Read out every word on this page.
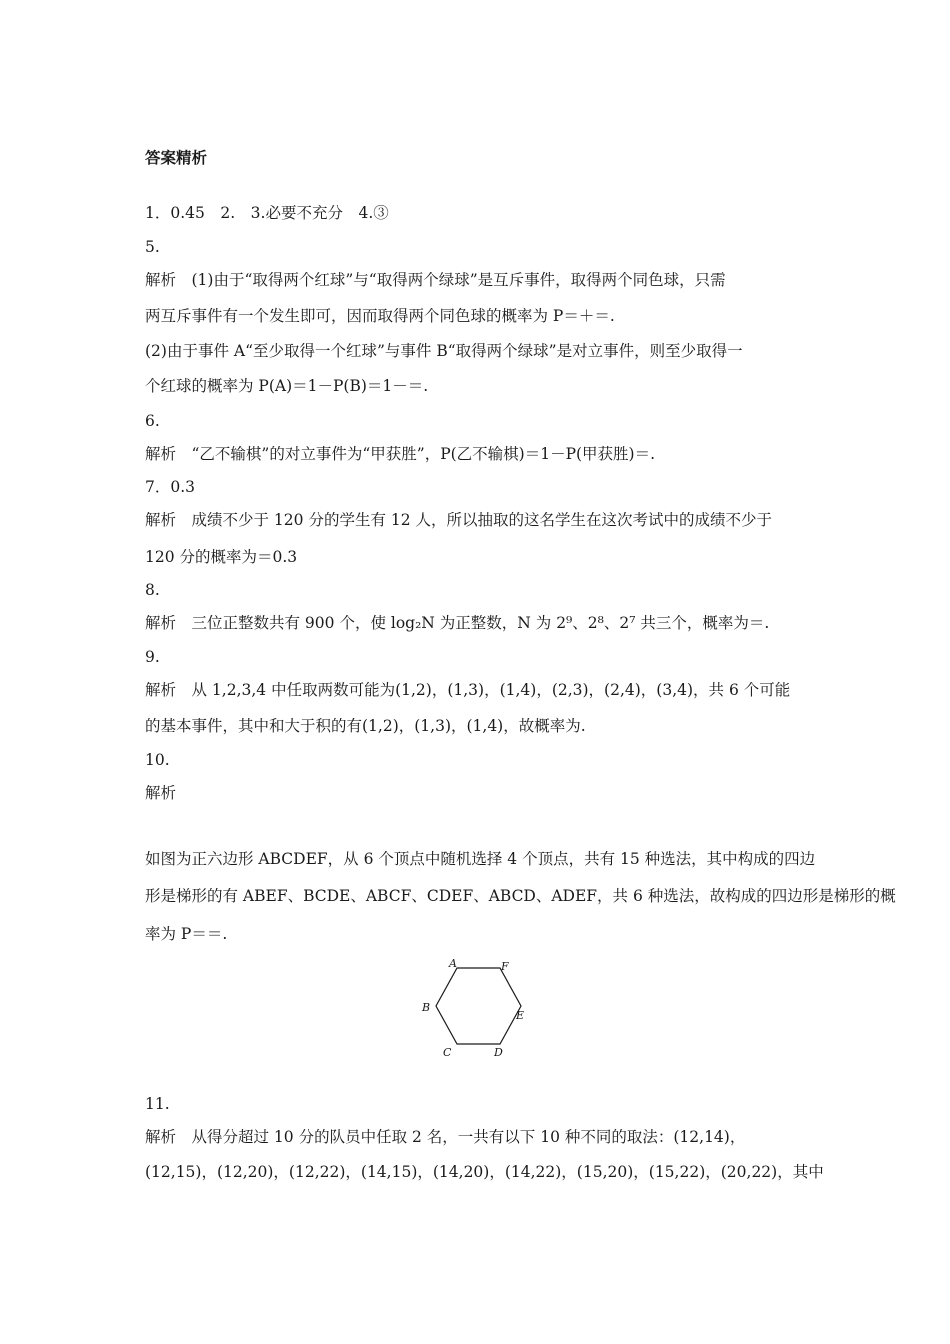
答案精析
1．0.45　2.　3.必要不充分　4.③
5.
解析　(1)由于“取得两个红球”与“取得两个绿球”是互斥事件，取得两个同色球，只需
两互斥事件有一个发生即可，因而取得两个同色球的概率为 P＝＋＝.
(2)由于事件 A“至少取得一个红球”与事件 B“取得两个绿球”是对立事件，则至少取得一
个红球的概率为 P(A)＝1－P(B)＝1－＝.
6.
解析　“乙不输棋”的对立事件为“甲获胜”，P(乙不输棋)＝1－P(甲获胜)＝.
7．0.3
解析　成绩不少于 120 分的学生有 12 人，所以抽取的这名学生在这次考试中的成绩不少于
120 分的概率为＝0.3
8.
解析　三位正整数共有 900 个，使 log₂N 为正整数，N 为 2⁹、2⁸、2⁷ 共三个，概率为＝.
9.
解析　从 1,2,3,4 中任取两数可能为(1,2)，(1,3)，(1,4)，(2,3)，(2,4)，(3,4)，共 6 个可能
的基本事件，其中和大于积的有(1,2)，(1,3)，(1,4)，故概率为.
10.
解析
如图为正六边形 ABCDEF，从 6 个顶点中随机选择 4 个顶点，共有 15 种选法，其中构成的四边
形是梯形的有 ABEF、BCDE、ABCF、CDEF、ABCD、ADEF，共 6 种选法，故构成的四边形是梯形的概
率为 P＝＝.
A
B
C	D
E
F
11.
解析　从得分超过 10 分的队员中任取 2 名，一共有以下 10 种不同的取法：(12,14)，
(12,15)，(12,20)，(12,22)，(14,15)，(14,20)，(14,22)，(15,20)，(15,22)，(20,22)，其中
